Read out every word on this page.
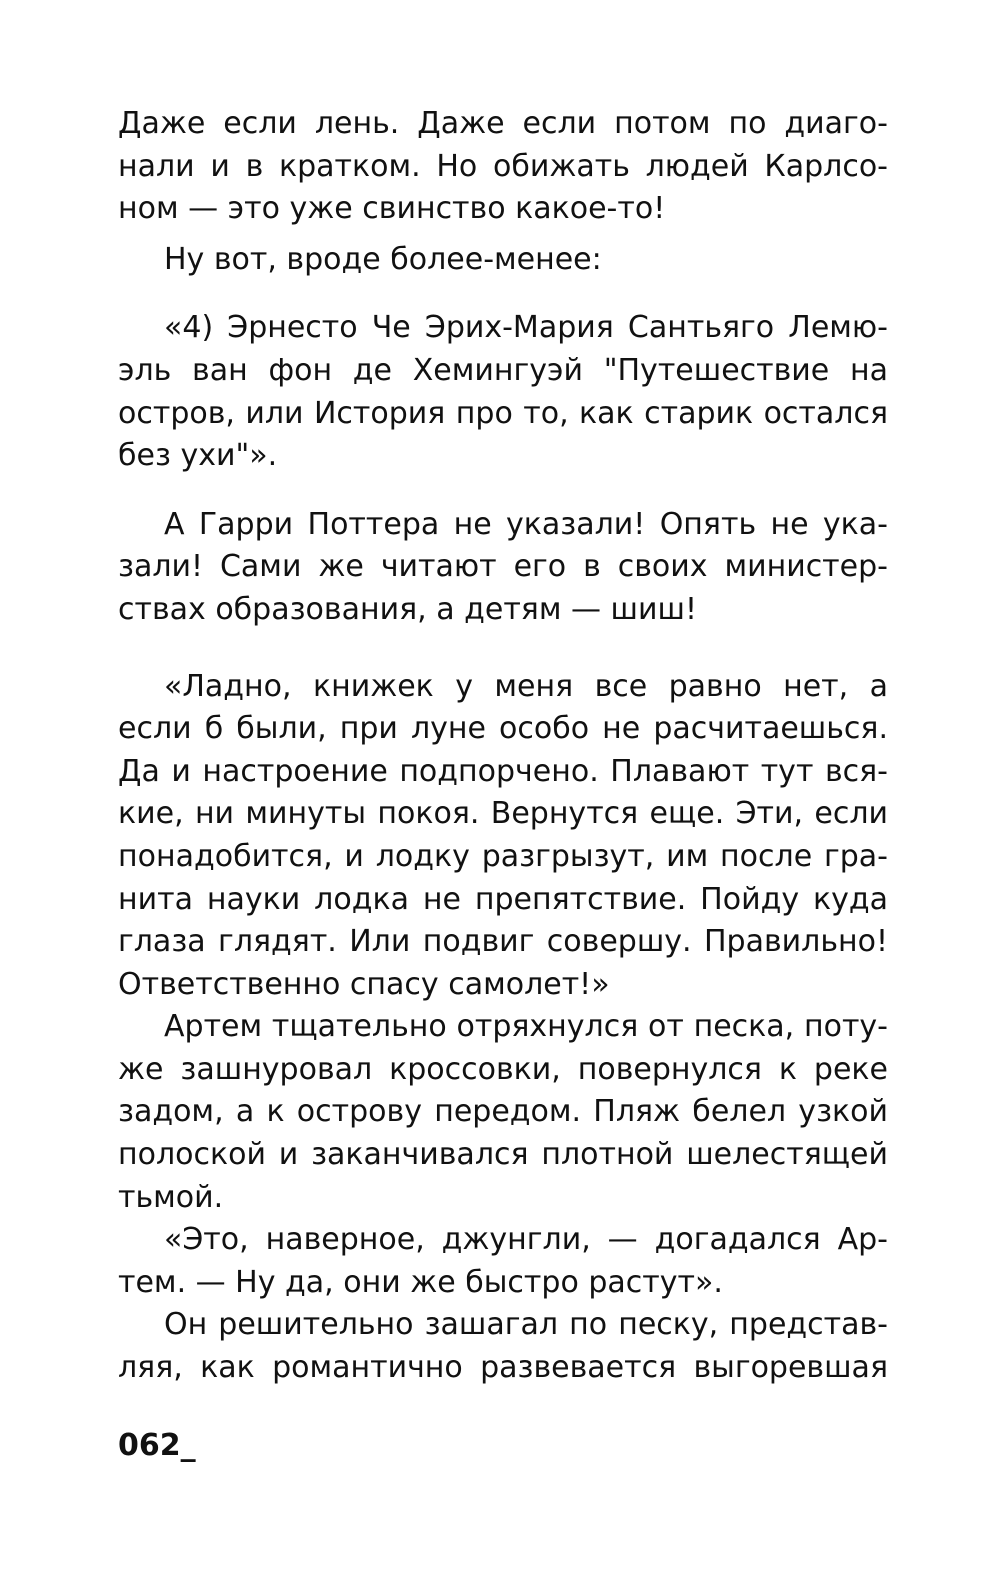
Даже если лень. Даже если потом по диаго-
нали и в кратком. Но обижать людей Карлсо-
ном — это уже свинство какое-то!
Ну вот, вроде более-менее:
«4) Эрнесто Че Эрих-Мария Сантьяго Лемю-
эль ван фон де Хемингуэй "Путешествие на
остров, или История про то, как старик остался
без ухи"».
А Гарри Поттера не указали! Опять не ука-
зали! Сами же читают его в своих министер-
ствах образования, а детям — шиш!
«Ладно, книжек у меня все равно нет, а
если б были, при луне особо не расчитаешься.
Да и настроение подпорчено. Плавают тут вся-
кие, ни минуты покоя. Вернутся еще. Эти, если
понадобится, и лодку разгрызут, им после гра-
нита науки лодка не препятствие. Пойду куда
глаза глядят. Или подвиг совершу. Правильно!
Ответственно спасу самолет!»
Артем тщательно отряхнулся от песка, поту-
же зашнуровал кроссовки, повернулся к реке
задом, а к острову передом. Пляж белел узкой
полоской и заканчивался плотной шелестящей
тьмой.
«Это, наверное, джунгли, — догадался Ар-
тем. — Ну да, они же быстро растут».
Он решительно зашагал по песку, представ-
ляя, как романтично развевается выгоревшая
062_
